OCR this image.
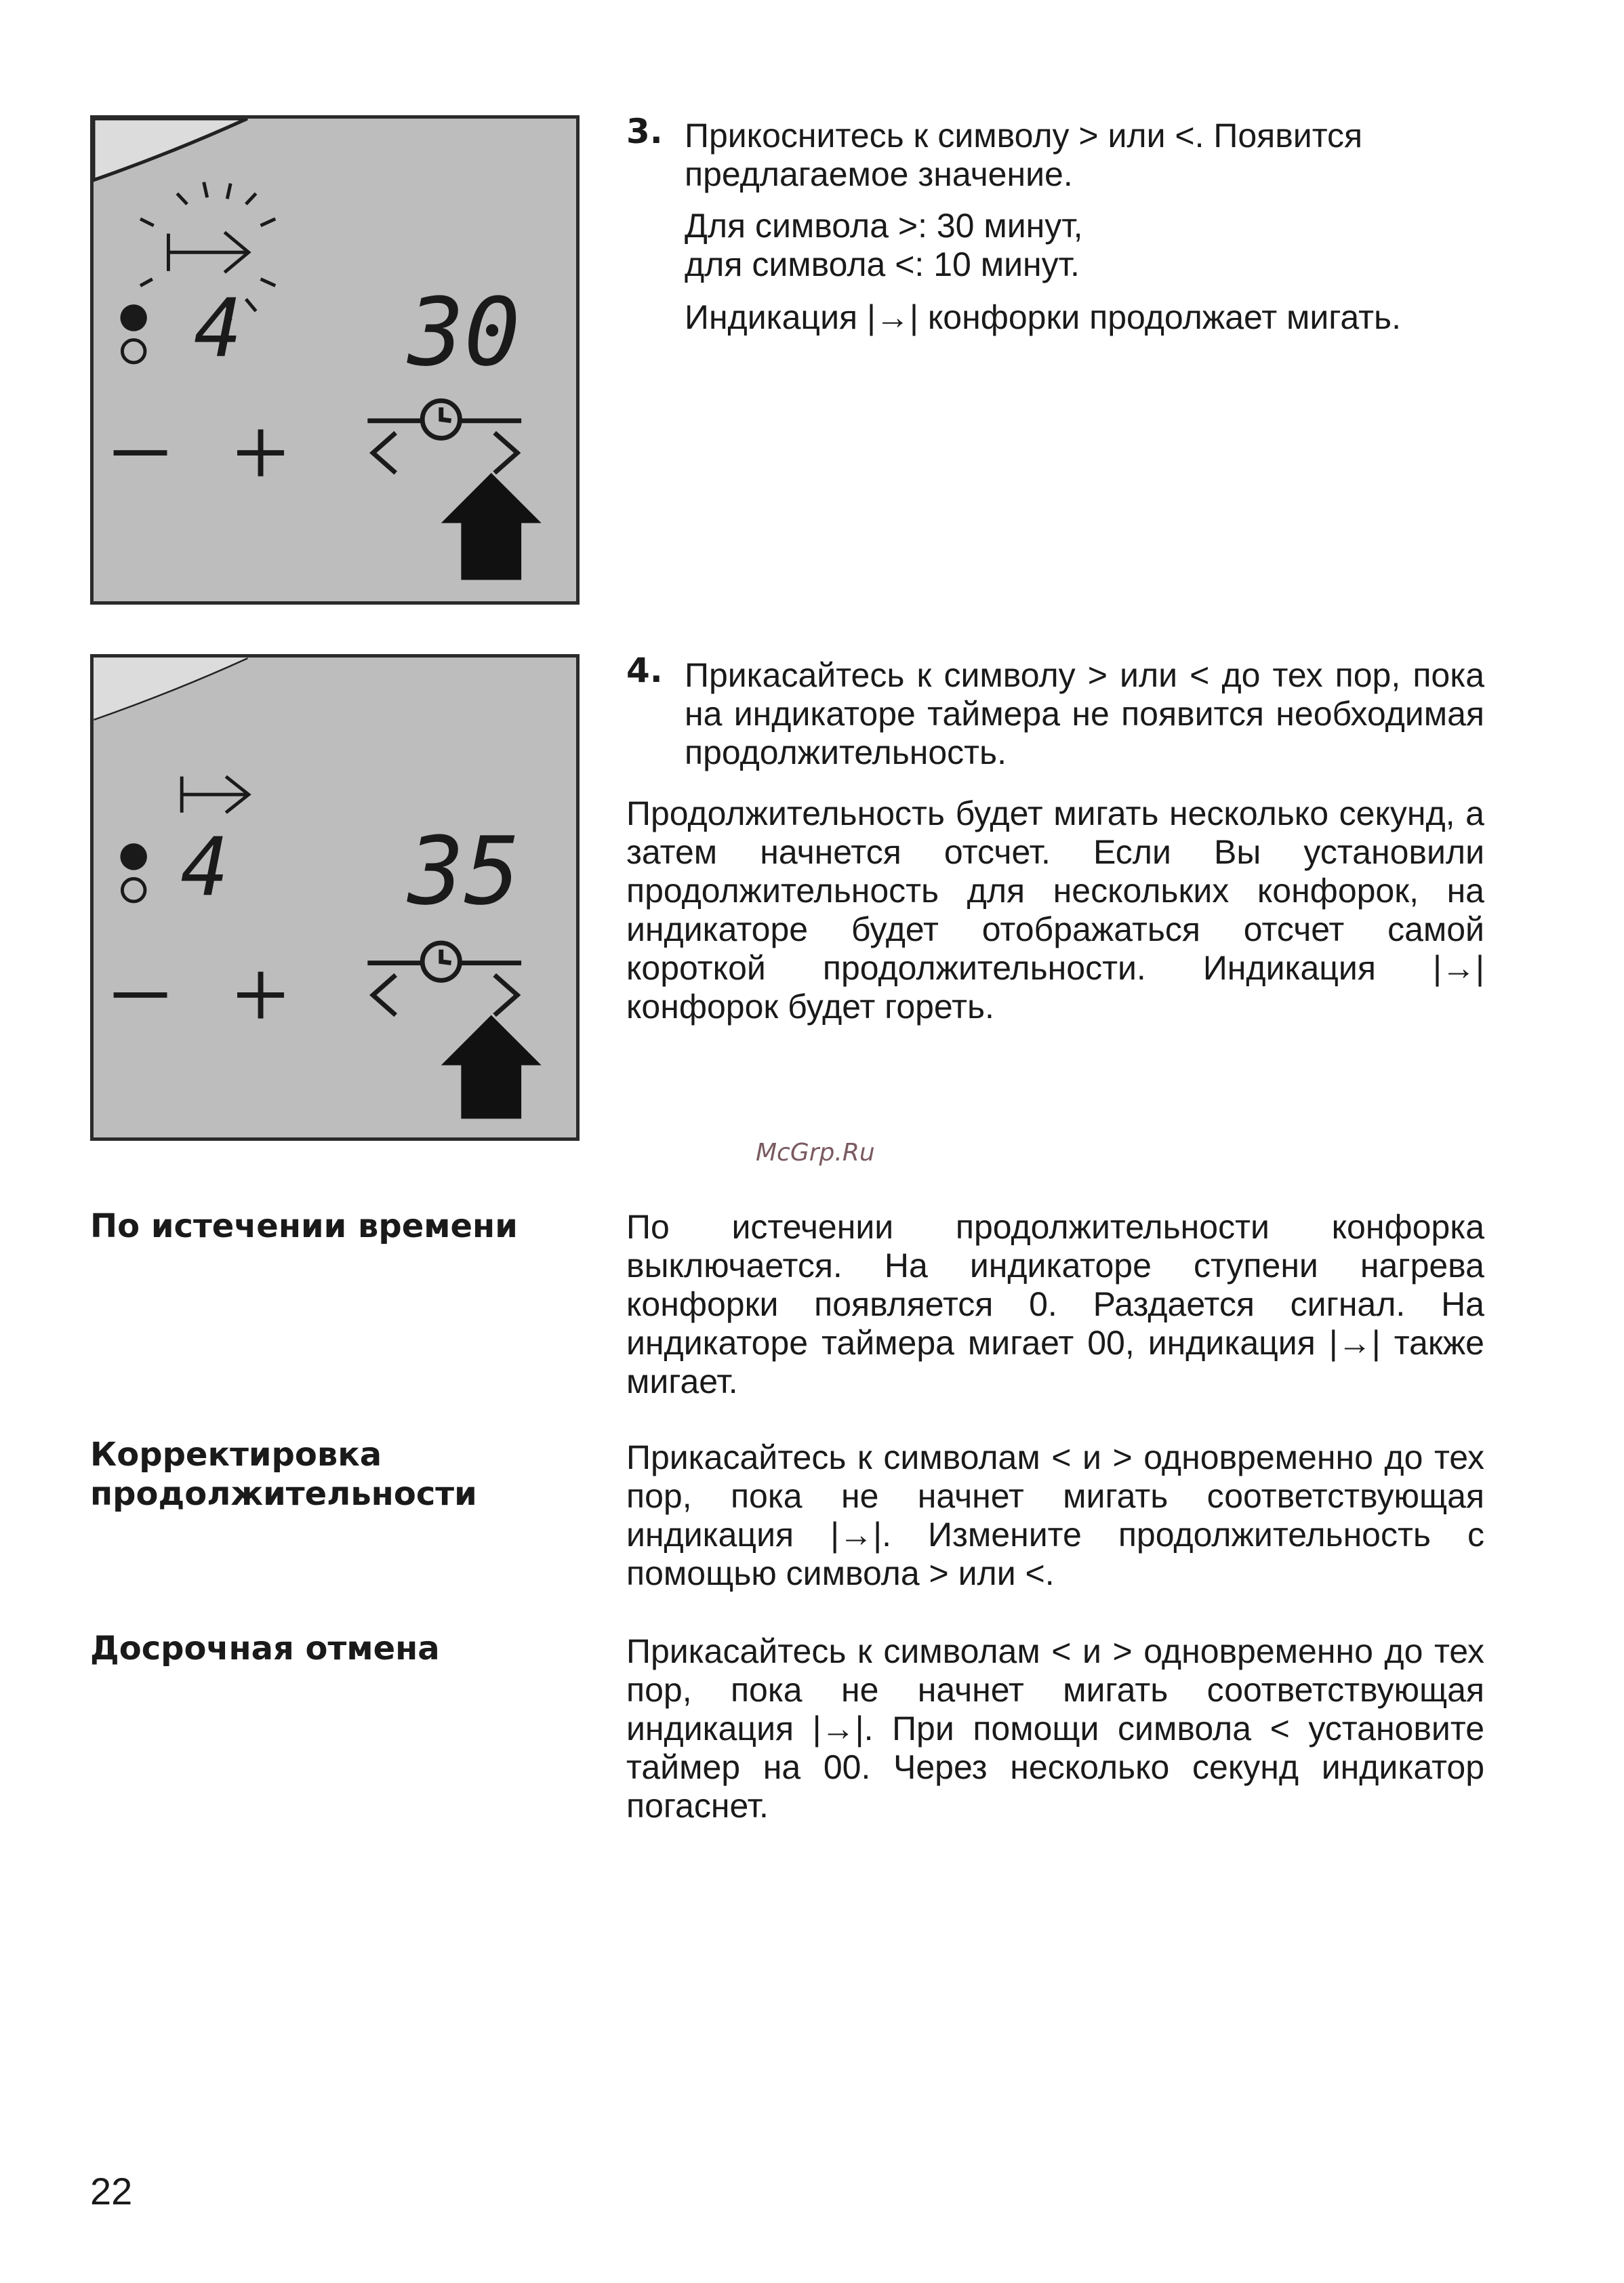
4 30
3. Прикоснитесь к символу > или <. Появится

предлагаемое значение.

Для символа >: 30 минут,

для символа <: 10 минут.

Индикация |→| конфорки продолжает мигать.

4 35
4. Прикасайтесь к символу > или < до тех пор, пока на индикаторе таймера не появится необходимая продолжительность.

Продолжительность будет мигать несколько секунд, а затем начнется отсчет. Если Вы установили продолжительность для нескольких конфорок, на индикаторе будет отображаться отсчет самой короткой продолжительности. Индикация |→| конфорок будет гореть.

McGrp.Ru

По истечении времени	По истечении продолжительности конфорка выключается. На индикаторе ступени нагрева конфорки появляется 0. Раздается сигнал. На индикаторе таймера мигает 00, индикация |→| также мигает.

Корректировка

продолжительности

Прикасайтесь к символам < и > одновременно до тех пор, пока не начнет мигать соответствующая индикация |→|. Измените продолжительность с помощью символа > или <.

Досрочная отмена	Прикасайтесь к символам < и > одновременно до тех пор, пока не начнет мигать соответствующая индикация |→|. При помощи символа < установите таймер на 00. Через несколько секунд индикатор погаснет.

22
